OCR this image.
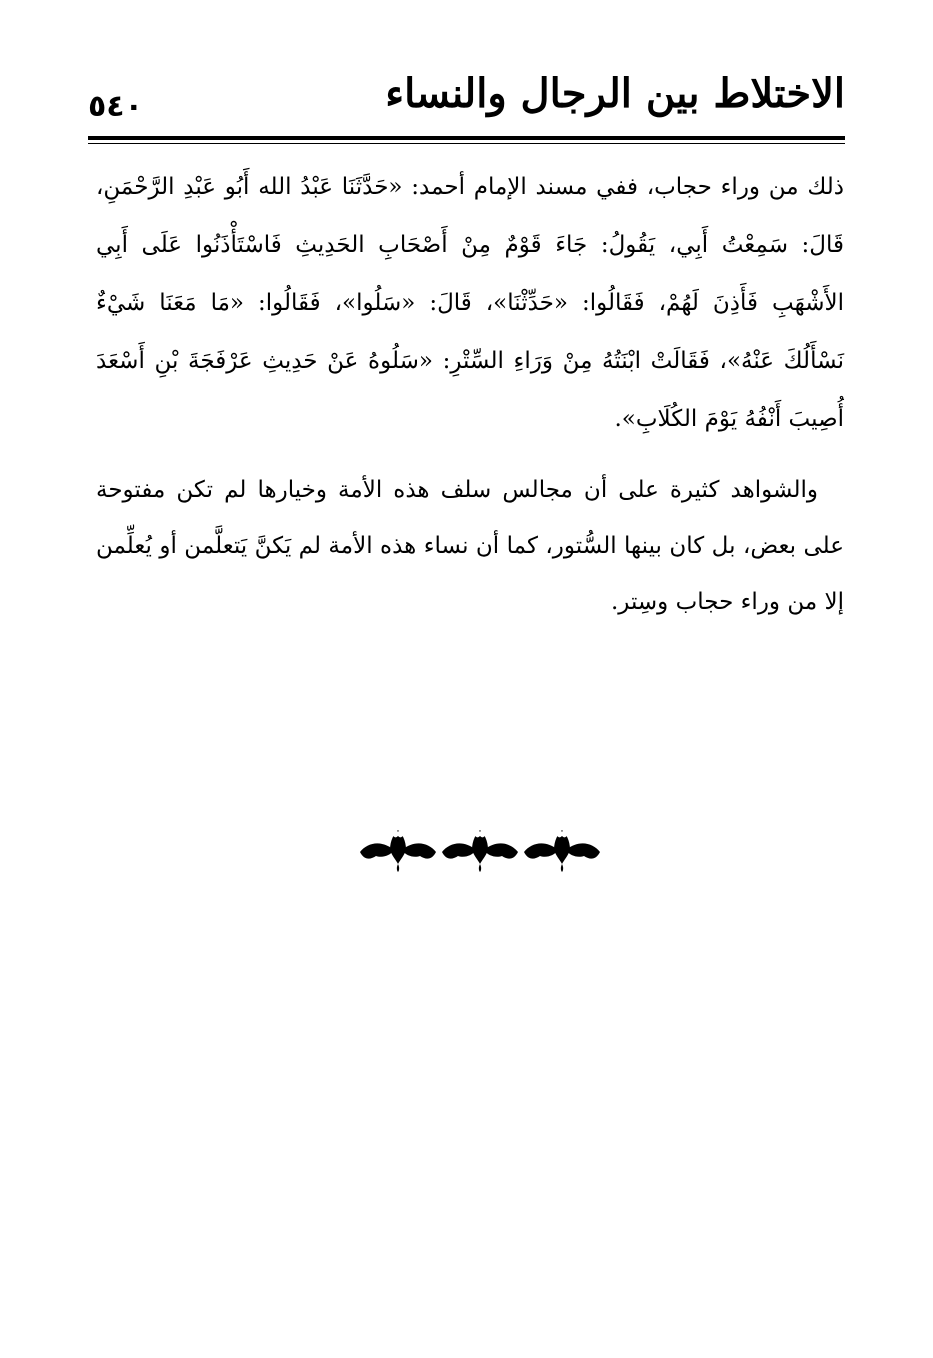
٥٤٠	الاختلاط بين الرجال والنساء

ذلك من وراء حجاب، ففي مسند الإمام أحمد: «حَدَّثَنَا عَبْدُ الله أَبُو عَبْدِ الرَّحْمَنِ، قَالَ: سَمِعْتُ أَبِي، يَقُولُ: جَاءَ قَوْمٌ مِنْ أَصْحَابِ الحَدِيثِ فَاسْتَأْذَنُوا عَلَى أَبِي الأَشْهَبِ فَأَذِنَ لَهُمْ، فَقَالُوا: «حَدِّثْنَا»، قَالَ: «سَلُوا»، فَقَالُوا: «مَا مَعَنَا شَيْءٌ نَسْأَلُكَ عَنْهُ»، فَقَالَتْ ابْنَتُهُ مِنْ وَرَاءِ السِّتْرِ: «سَلُوهُ عَنْ حَدِيثِ عَرْفَجَةَ بْنِ أَسْعَدَ أُصِيبَ أَنْفُهُ يَوْمَ الكُلَابِ».

والشواهد كثيرة على أن مجالس سلف هذه الأمة وخيارها لم تكن مفتوحة على بعض، بل كان بينها السُّتور، كما أن نساء هذه الأمة لم يَكنَّ يَتعلَّمن أو يُعلِّمن إلا من وراء حجاب وسِتر.
